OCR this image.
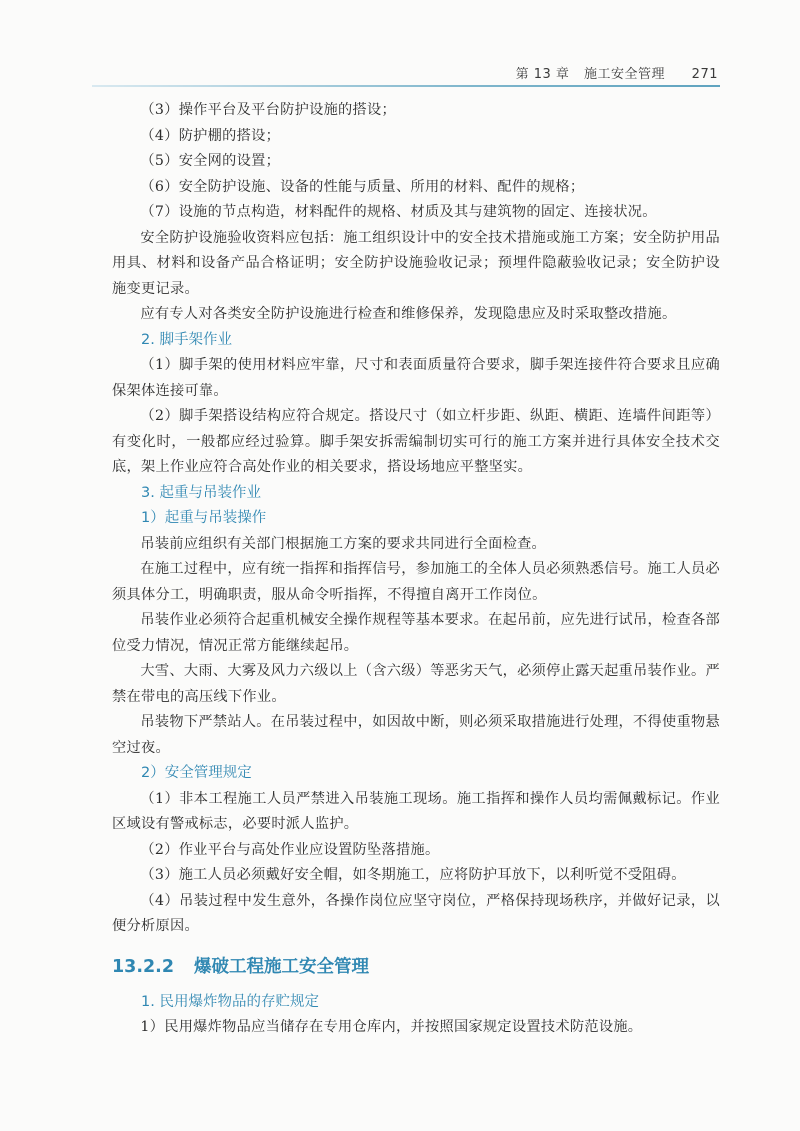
第 13 章 施工安全管理 271

（3）操作平台及平台防护设施的搭设；

（4）防护棚的搭设；

（5）安全网的设置；

（6）安全防护设施、设备的性能与质量、所用的材料、配件的规格；

（7）设施的节点构造，材料配件的规格、材质及其与建筑物的固定、连接状况。

安全防护设施验收资料应包括：施工组织设计中的安全技术措施或施工方案；安全防护用品用具、材料和设备产品合格证明；安全防护设施验收记录；预埋件隐蔽验收记录；安全防护设施变更记录。

应有专人对各类安全防护设施进行检查和维修保养，发现隐患应及时采取整改措施。

2. 脚手架作业

（1）脚手架的使用材料应牢靠，尺寸和表面质量符合要求，脚手架连接件符合要求且应确保架体连接可靠。

（2）脚手架搭设结构应符合规定。搭设尺寸（如立杆步距、纵距、横距、连墙件间距等）有变化时，一般都应经过验算。脚手架安拆需编制切实可行的施工方案并进行具体安全技术交底，架上作业应符合高处作业的相关要求，搭设场地应平整坚实。

3. 起重与吊装作业
1）起重与吊装操作

吊装前应组织有关部门根据施工方案的要求共同进行全面检查。

在施工过程中，应有统一指挥和指挥信号，参加施工的全体人员必须熟悉信号。施工人员必须具体分工，明确职责，服从命令听指挥，不得擅自离开工作岗位。

吊装作业必须符合起重机械安全操作规程等基本要求。在起吊前，应先进行试吊，检查各部位受力情况，情况正常方能继续起吊。

大雪、大雨、大雾及风力六级以上（含六级）等恶劣天气，必须停止露天起重吊装作业。严禁在带电的高压线下作业。

吊装物下严禁站人。在吊装过程中，如因故中断，则必须采取措施进行处理，不得使重物悬空过夜。

2）安全管理规定

（1）非本工程施工人员严禁进入吊装施工现场。施工指挥和操作人员均需佩戴标记。作业区域设有警戒标志，必要时派人监护。

（2）作业平台与高处作业应设置防坠落措施。

（3）施工人员必须戴好安全帽，如冬期施工，应将防护耳放下，以利听觉不受阻碍。

（4）吊装过程中发生意外，各操作岗位应坚守岗位，严格保持现场秩序，并做好记录，以便分析原因。

13.2.2 爆破工程施工安全管理
1. 民用爆炸物品的存贮规定

1）民用爆炸物品应当储存在专用仓库内，并按照国家规定设置技术防范设施。
